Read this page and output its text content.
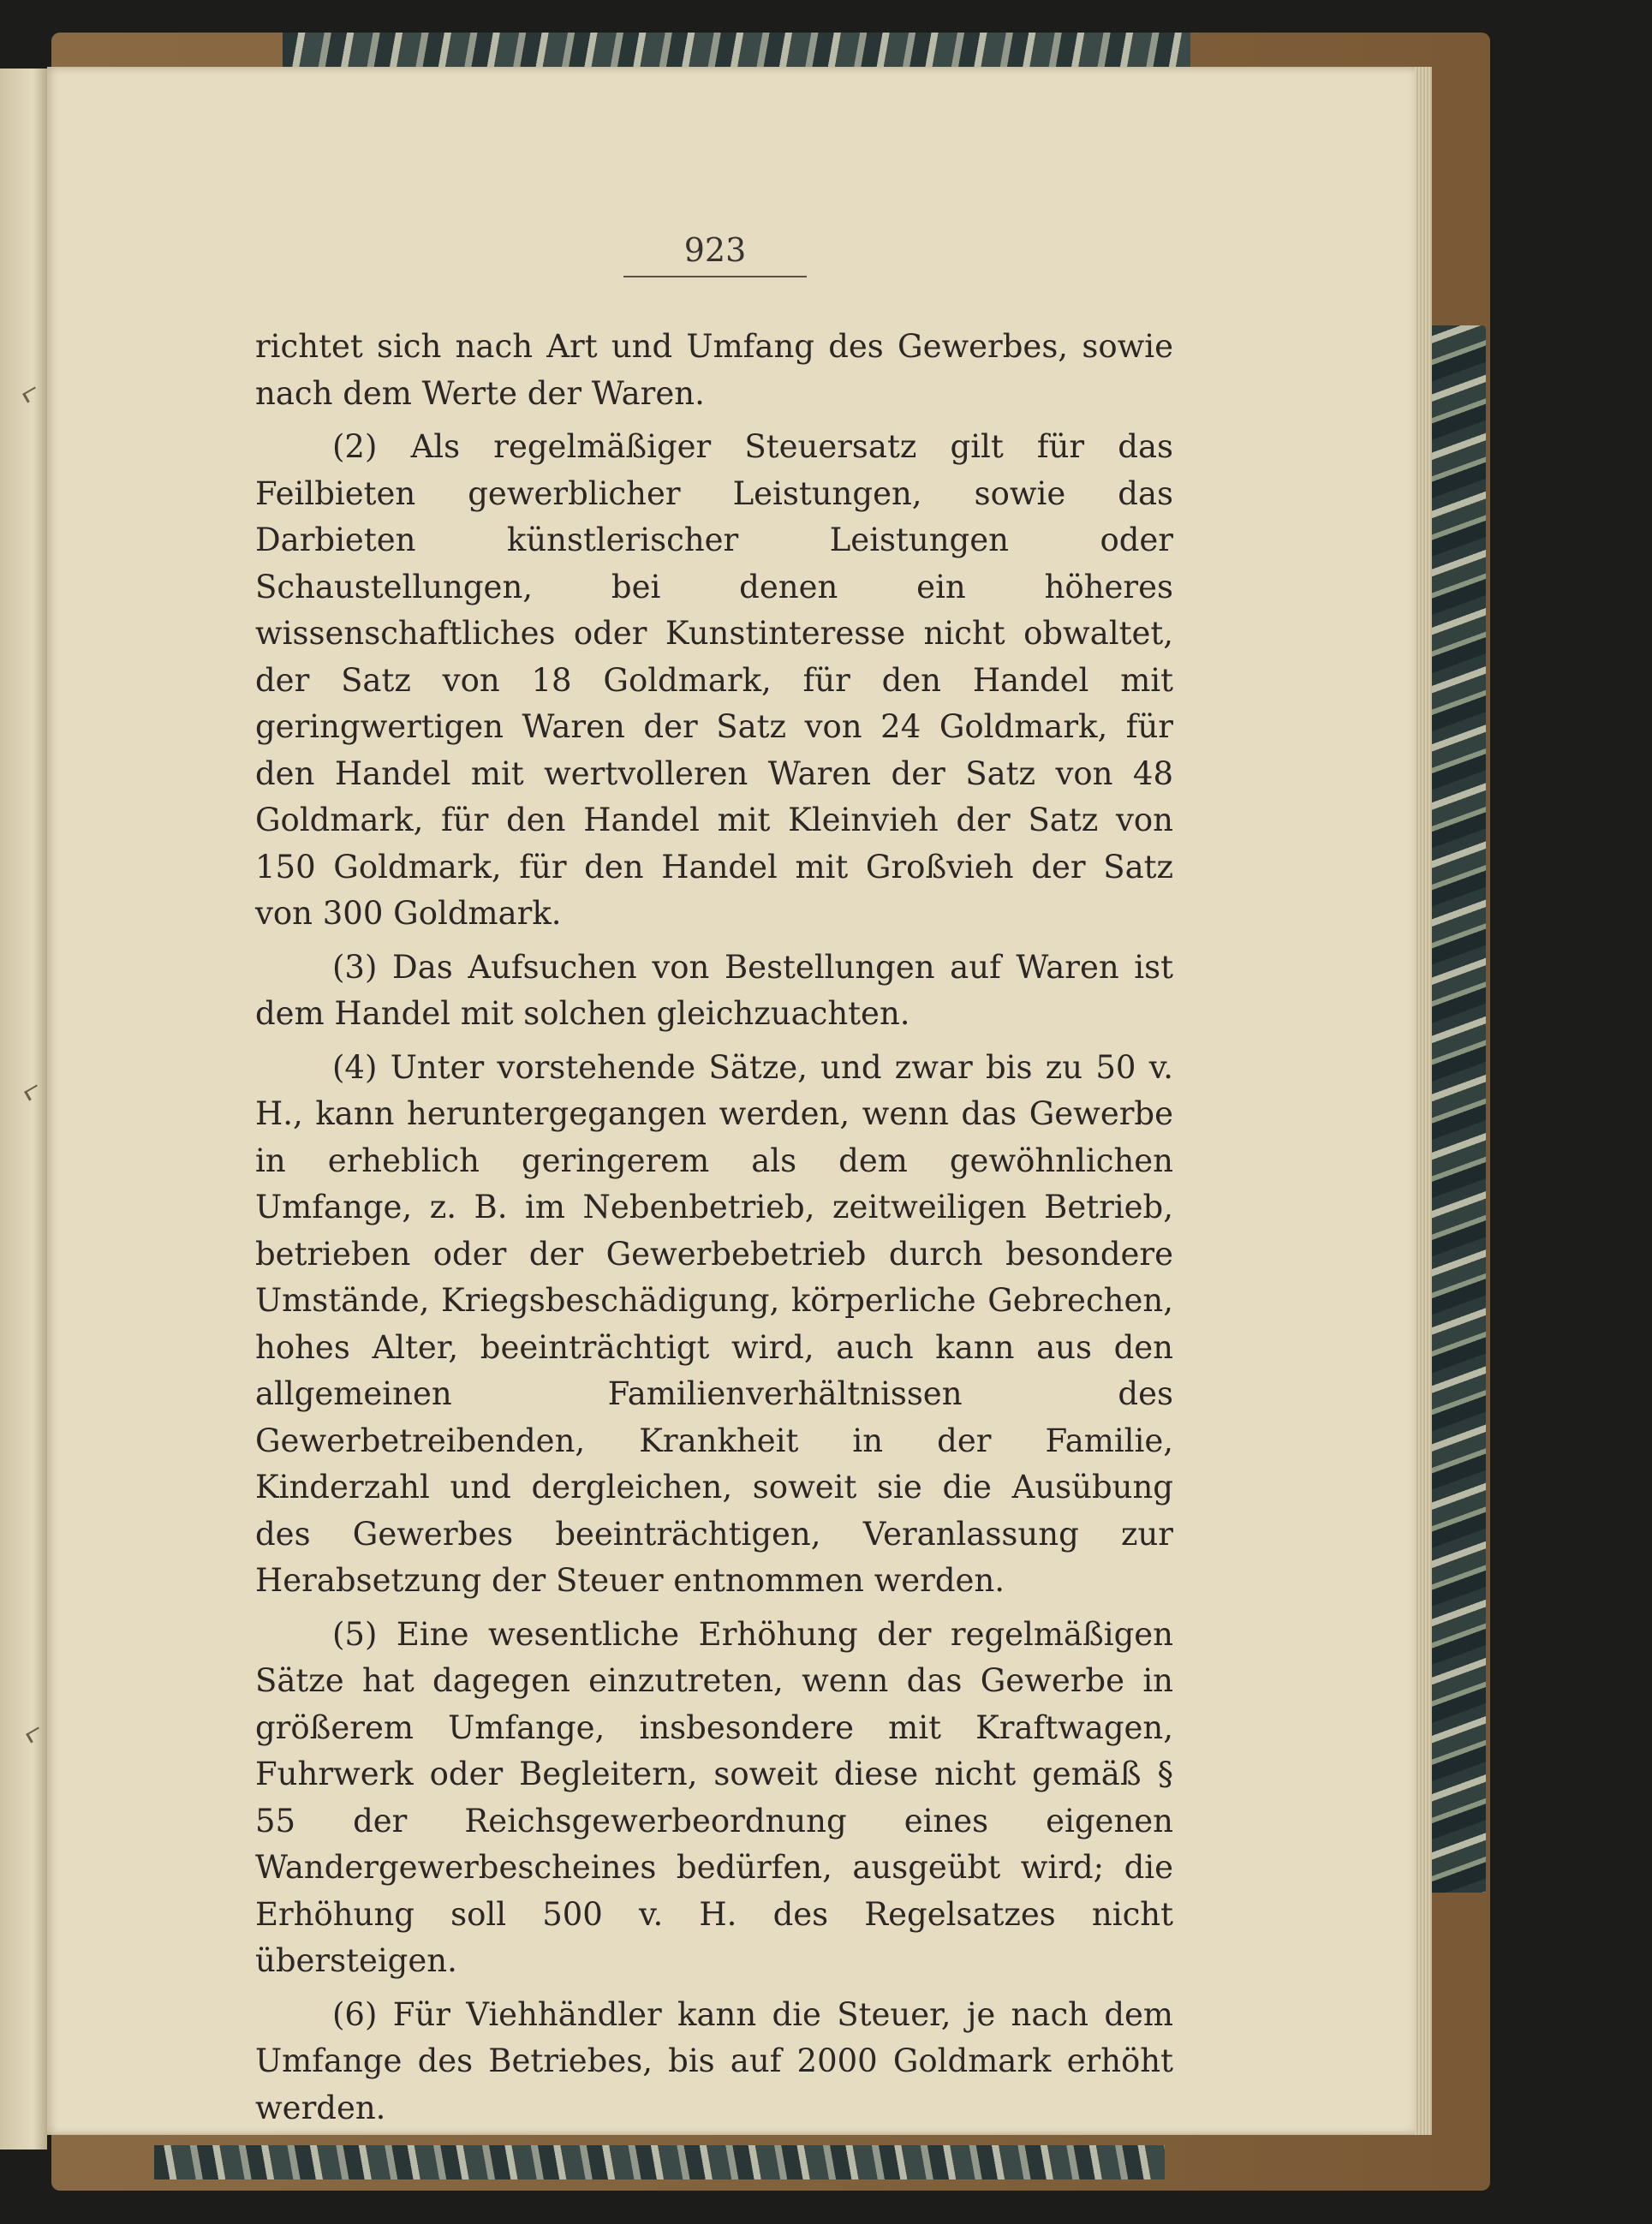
923

richtet sich nach Art und Umfang des Gewerbes, sowie nach dem Werte der Waren.

(2) Als regelmäßiger Steuersatz gilt für das Feilbieten gewerblicher Leistungen, sowie das Darbieten künstlerischer Leistungen oder Schaustellungen, bei denen ein höheres wissenschaftliches oder Kunstinteresse nicht obwaltet, der Satz von 18 Goldmark, für den Handel mit geringwertigen Waren der Satz von 24 Goldmark, für den Handel mit wertvolleren Waren der Satz von 48 Goldmark, für den Handel mit Kleinvieh der Satz von 150 Goldmark, für den Handel mit Großvieh der Satz von 300 Goldmark.

(3) Das Aufsuchen von Bestellungen auf Waren ist dem Handel mit solchen gleichzuachten.

(4) Unter vorstehende Sätze, und zwar bis zu 50 v. H., kann heruntergegangen werden, wenn das Gewerbe in erheblich geringerem als dem gewöhnlichen Umfange, z. B. im Nebenbetrieb, zeitweiligen Betrieb, betrieben oder der Gewerbebetrieb durch besondere Umstände, Kriegsbeschädigung, körperliche Gebrechen, hohes Alter, beeinträchtigt wird, auch kann aus den allgemeinen Familienverhältnissen des Gewerbetreibenden, Krankheit in der Familie, Kinderzahl und dergleichen, soweit sie die Ausübung des Gewerbes beeinträchtigen, Veranlassung zur Herabsetzung der Steuer entnommen werden.

(5) Eine wesentliche Erhöhung der regelmäßigen Sätze hat dagegen einzutreten, wenn das Gewerbe in größerem Umfange, insbesondere mit Kraftwagen, Fuhrwerk oder Begleitern, soweit diese nicht gemäß § 55 der Reichsgewerbeordnung eines eigenen Wandergewerbescheines bedürfen, ausgeübt wird; die Erhöhung soll 500 v. H. des Regelsatzes nicht übersteigen.

(6) Für Viehhändler kann die Steuer, je nach dem Umfange des Betriebes, bis auf 2000 Goldmark erhöht werden.
